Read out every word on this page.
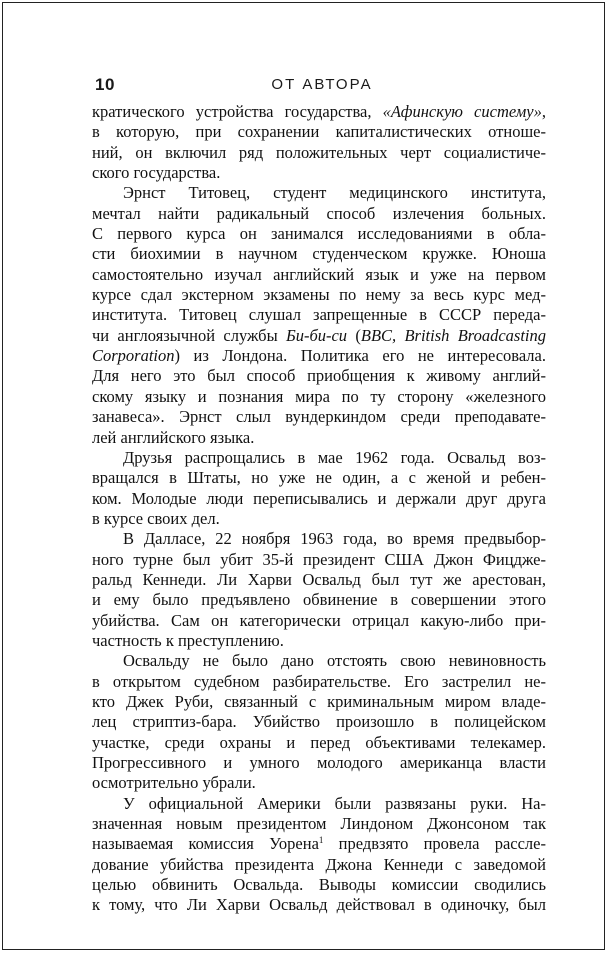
10	ОТ АВТОРА
кратического устройства государства, «Афинскую систему»,
в которую, при сохранении капиталистических отноше-
ний, он включил ряд положительных черт социалистиче-
ского государства.
Эрнст Титовец, студент медицинского института,
мечтал найти радикальный способ излечения больных.
С первого курса он занимался исследованиями в обла-
сти биохимии в научном студенческом кружке. Юноша
самостоятельно изучал английский язык и уже на первом
курсе сдал экстерном экзамены по нему за весь курс мед-
института. Титовец слушал запрещенные в СССР переда-
чи англоязычной службы Би-би-си (BBC, British Broadcasting
Corporation) из Лондона. Политика его не интересовала.
Для него это был способ приобщения к живому англий-
скому языку и познания мира по ту сторону «железного
занавеса». Эрнст слыл вундеркиндом среди преподавате-
лей английского языка.
Друзья распрощались в мае 1962 года. Освальд воз-
вращался в Штаты, но уже не один, а с женой и ребен-
ком. Молодые люди переписывались и держали друг друга
в курсе своих дел.
В Далласе, 22 ноября 1963 года, во время предвыбор-
ного турне был убит 35-й президент США Джон Фицдже-
ральд Кеннеди. Ли Харви Освальд был тут же арестован,
и ему было предъявлено обвинение в совершении этого
убийства. Сам он категорически отрицал какую-либо при-
частность к преступлению.
Освальду не было дано отстоять свою невиновность
в открытом судебном разбирательстве. Его застрелил не-
кто Джек Руби, связанный с криминальным миром владе-
лец стриптиз-бара. Убийство произошло в полицейском
участке, среди охраны и перед объективами телекамер.
Прогрессивного и умного молодого американца власти
осмотрительно убрали.
У официальной Америки были развязаны руки. На-
значенная новым президентом Линдоном Джонсоном так
называемая комиссия Уорена$^1$ предвзято провела рассле-
дование убийства президента Джона Кеннеди с заведомой
целью обвинить Освальда. Выводы комиссии сводились
к тому, что Ли Харви Освальд действовал в одиночку, был
